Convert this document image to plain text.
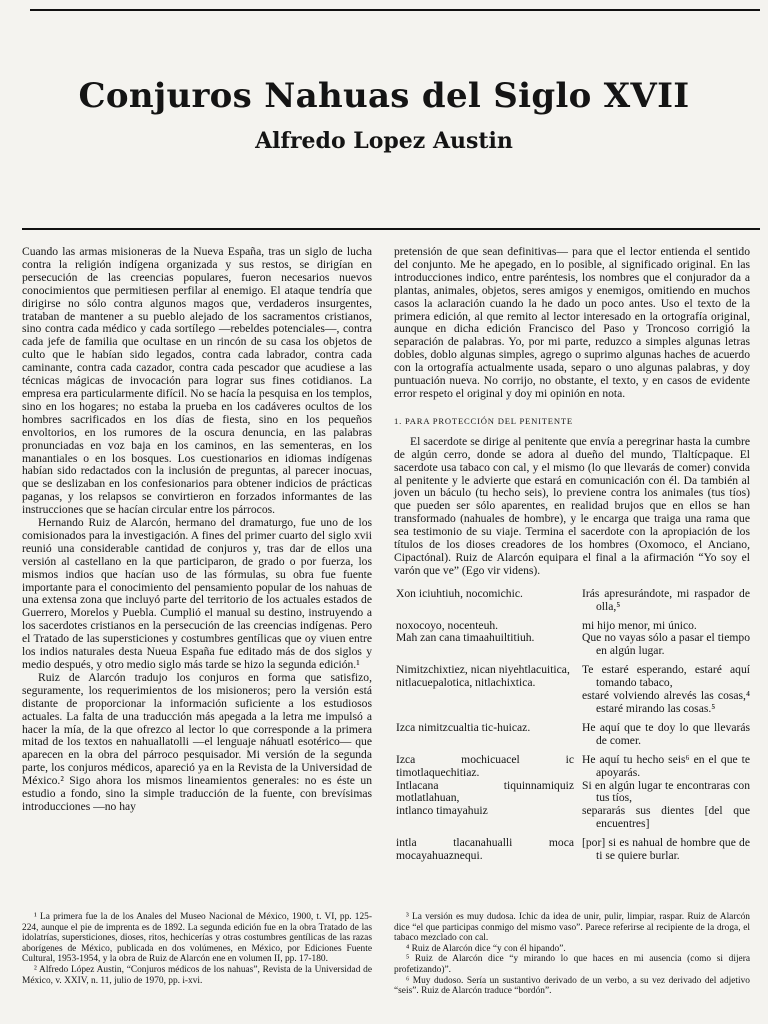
Conjuros Nahuas del Siglo XVII
Alfredo Lopez Austin

Cuando las armas misioneras de la Nueva España, tras un siglo de lucha contra la religión indígena organizada y sus restos, se dirigían en persecución de las creencias populares, fueron necesarios nuevos conocimientos que permitiesen perfilar al enemigo. El ataque tendría que dirigirse no sólo contra algunos magos que, verdaderos insurgentes, trataban de mantener a su pueblo alejado de los sacramentos cristianos, sino contra cada médico y cada sortílego —rebeldes potenciales—, contra cada jefe de familia que ocultase en un rincón de su casa los objetos de culto que le habían sido legados, contra cada labrador, contra cada caminante, contra cada cazador, contra cada pescador que acudiese a las técnicas mágicas de invocación para lograr sus fines cotidianos. La empresa era particularmente difícil. No se hacía la pesquisa en los templos, sino en los hogares; no estaba la prueba en los cadáveres ocultos de los hombres sacrificados en los días de fiesta, sino en los pequeños envoltorios, en los rumores de la oscura denuncia, en las palabras pronunciadas en voz baja en los caminos, en las sementeras, en los manantiales o en los bosques. Los cuestionarios en idiomas indígenas habían sido redactados con la inclusión de preguntas, al parecer inocuas, que se deslizaban en los confesionarios para obtener indicios de prácticas paganas, y los relapsos se convirtieron en forzados informantes de las instrucciones que se hacían circular entre los párrocos.

Hernando Ruiz de Alarcón, hermano del dramaturgo, fue uno de los comisionados para la investigación. A fines del primer cuarto del siglo xvii reunió una considerable cantidad de conjuros y, tras dar de ellos una versión al castellano en la que participaron, de grado o por fuerza, los mismos indios que hacían uso de las fórmulas, su obra fue fuente importante para el conocimiento del pensamiento popular de los nahuas de una extensa zona que incluyó parte del territorio de los actuales estados de Guerrero, Morelos y Puebla. Cumplió el manual su destino, instruyendo a los sacerdotes cristianos en la persecución de las creencias indígenas. Pero el Tratado de las supersticiones y costumbres gentílicas que oy viuen entre los indios naturales desta Nueua España fue editado más de dos siglos y medio después, y otro medio siglo más tarde se hizo la segunda edición.¹

Ruiz de Alarcón tradujo los conjuros en forma que satisfizo, seguramente, los requerimientos de los misioneros; pero la versión está distante de proporcionar la información suficiente a los estudiosos actuales. La falta de una traducción más apegada a la letra me impulsó a hacer la mía, de la que ofrezco al lector lo que corresponde a la primera mitad de los textos en nahuallatolli —el lenguaje náhuatl esotérico— que aparecen en la obra del párroco pesquisador. Mi versión de la segunda parte, los conjuros médicos, apareció ya en la Revista de la Universidad de México.² Sigo ahora los mismos lineamientos generales: no es éste un estudio a fondo, sino la simple traducción de la fuente, con brevísimas introducciones —no hay

pretensión de que sean definitivas— para que el lector entienda el sentido del conjunto. Me he apegado, en lo posible, al significado original. En las introducciones indico, entre paréntesis, los nombres que el conjurador da a plantas, animales, objetos, seres amigos y enemigos, omitiendo en muchos casos la aclaración cuando la he dado un poco antes. Uso el texto de la primera edición, al que remito al lector interesado en la ortografía original, aunque en dicha edición Francisco del Paso y Troncoso corrigió la separación de palabras. Yo, por mi parte, reduzco a simples algunas letras dobles, doblo algunas simples, agrego o suprimo algunas haches de acuerdo con la ortografía actualmente usada, separo o uno algunas palabras, y doy puntuación nueva. No corrijo, no obstante, el texto, y en casos de evidente error respeto el original y doy mi opinión en nota.

1. PARA PROTECCIÓN DEL PENITENTE

El sacerdote se dirige al penitente que envía a peregrinar hasta la cumbre de algún cerro, donde se adora al dueño del mundo, Tlaltícpaque. El sacerdote usa tabaco con cal, y el mismo (lo que llevarás de comer) convida al penitente y le advierte que estará en comunicación con él. Da también al joven un báculo (tu hecho seis), lo previene contra los animales (tus tíos) que pueden ser sólo aparentes, en realidad brujos que en ellos se han transformado (nahuales de hombre), y le encarga que traiga una rama que sea testimonio de su viaje. Termina el sacerdote con la apropiación de los títulos de los dioses creadores de los hombres (Oxomoco, el Anciano, Cipactónal). Ruiz de Alarcón equipara el final a la afirmación “Yo soy el varón que ve” (Ego vir videns).

Xon iciuhtiuh, nocomichic.	Irás apresurándote, mi raspador de olla,⁵
noxocoyo, nocenteuh.
Mah zan cana timaahuiltitiuh.
mi hijo menor, mi único.
Que no vayas sólo a pasar el tiempo en algún lugar.
Nimitzchixtiez, nican niyehtlacuitica,
nitlacuepalotica, nitlachixtica.
Te estaré esperando, estaré aquí tomando tabaco,
estaré volviendo alrevés las cosas,⁴ estaré mirando las cosas.⁵
Izca nimitzcualtia tic-huicaz.	He aquí que te doy lo que llevarás de comer.
Izca mochicuacel ic timotlaquechitiaz.
Intlacana tiquinnamiquiz motlatlahuan,
intlanco timayahuiz
He aquí tu hecho seis⁶ en el que te apoyarás.
Si en algún lugar te encontraras con tus tíos,
separarás sus dientes [del que encuentres]
intla tlacanahualli moca mocayahuaznequi.
[por] si es nahual de hombre que de ti se quiere burlar.

¹ La primera fue la de los Anales del Museo Nacional de México, 1900, t. VI, pp. 125-224, aunque el pie de imprenta es de 1892. La segunda edición fue en la obra Tratado de las idolatrías, supersticiones, dioses, ritos, hechicerías y otras costumbres gentílicas de las razas aborígenes de México, publicada en dos volúmenes, en México, por Ediciones Fuente Cultural, 1953-1954, y la obra de Ruiz de Alarcón ene en volumen II, pp. 17-180.

² Alfredo López Austin, “Conjuros médicos de los nahuas”, Revista de la Universidad de México, v. XXIV, n. 11, julio de 1970, pp. i-xvi.

³ La versión es muy dudosa. Ichic da idea de unir, pulir, limpiar, raspar. Ruiz de Alarcón dice “el que participas conmigo del mismo vaso”. Parece referirse al recipiente de la droga, el tabaco mezclado con cal.

⁴ Ruiz de Alarcón dice “y con él hipando”.

⁵ Ruiz de Alarcón dice “y mirando lo que haces en mi ausencia (como si dijera profetizando)”.

⁶ Muy dudoso. Sería un sustantivo derivado de un verbo, a su vez derivado del adjetivo “seis”. Ruiz de Alarcón traduce “bordón”.
